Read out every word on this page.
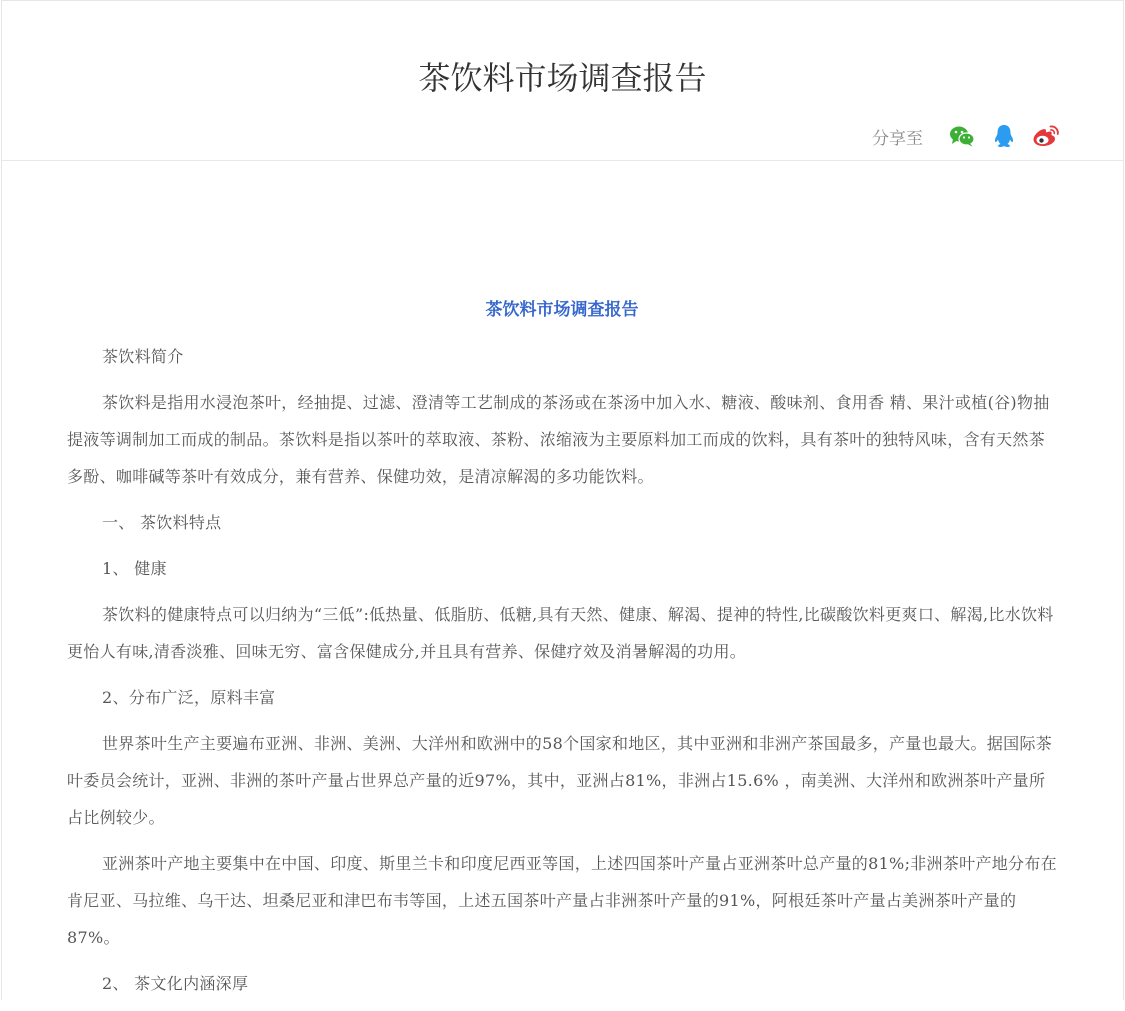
茶饮料市场调查报告
分享至
茶饮料市场调查报告

茶饮料简介

茶饮料是指用水浸泡茶叶，经抽提、过滤、澄清等工艺制成的茶汤或在茶汤中加入水、糖液、酸味剂、食用香 精、果汁或植(谷)物抽提液等调制加工而成的制品。茶饮料是指以茶叶的萃取液、茶粉、浓缩液为主要原料加工而成的饮料，具有茶叶的独特风味，含有天然茶多酚、咖啡碱等茶叶有效成分，兼有营养、保健功效，是清凉解渴的多功能饮料。

一、 茶饮料特点

1、 健康

茶饮料的健康特点可以归纳为“三低”:低热量、低脂肪、低糖,具有天然、健康、解渴、提神的特性,比碳酸饮料更爽口、解渴,比水饮料更怡人有味,清香淡雅、回味无穷、富含保健成分,并且具有营养、保健疗效及消暑解渴的功用。

2、分布广泛，原料丰富

世界茶叶生产主要遍布亚洲、非洲、美洲、大洋州和欧洲中的58个国家和地区，其中亚洲和非洲产茶国最多，产量也最大。据国际茶叶委员会统计，亚洲、非洲的茶叶产量占世界总产量的近97%，其中，亚洲占81%，非洲占15.6% ，南美洲、大洋州和欧洲茶叶产量所占比例较少。

亚洲茶叶产地主要集中在中国、印度、斯里兰卡和印度尼西亚等国，上述四国茶叶产量占亚洲茶叶总产量的81%;非洲茶叶产地分布在肯尼亚、马拉维、乌干达、坦桑尼亚和津巴布韦等国，上述五国茶叶产量占非洲茶叶产量的91%，阿根廷茶叶产量占美洲茶叶产量的87%。

2、 茶文化内涵深厚
